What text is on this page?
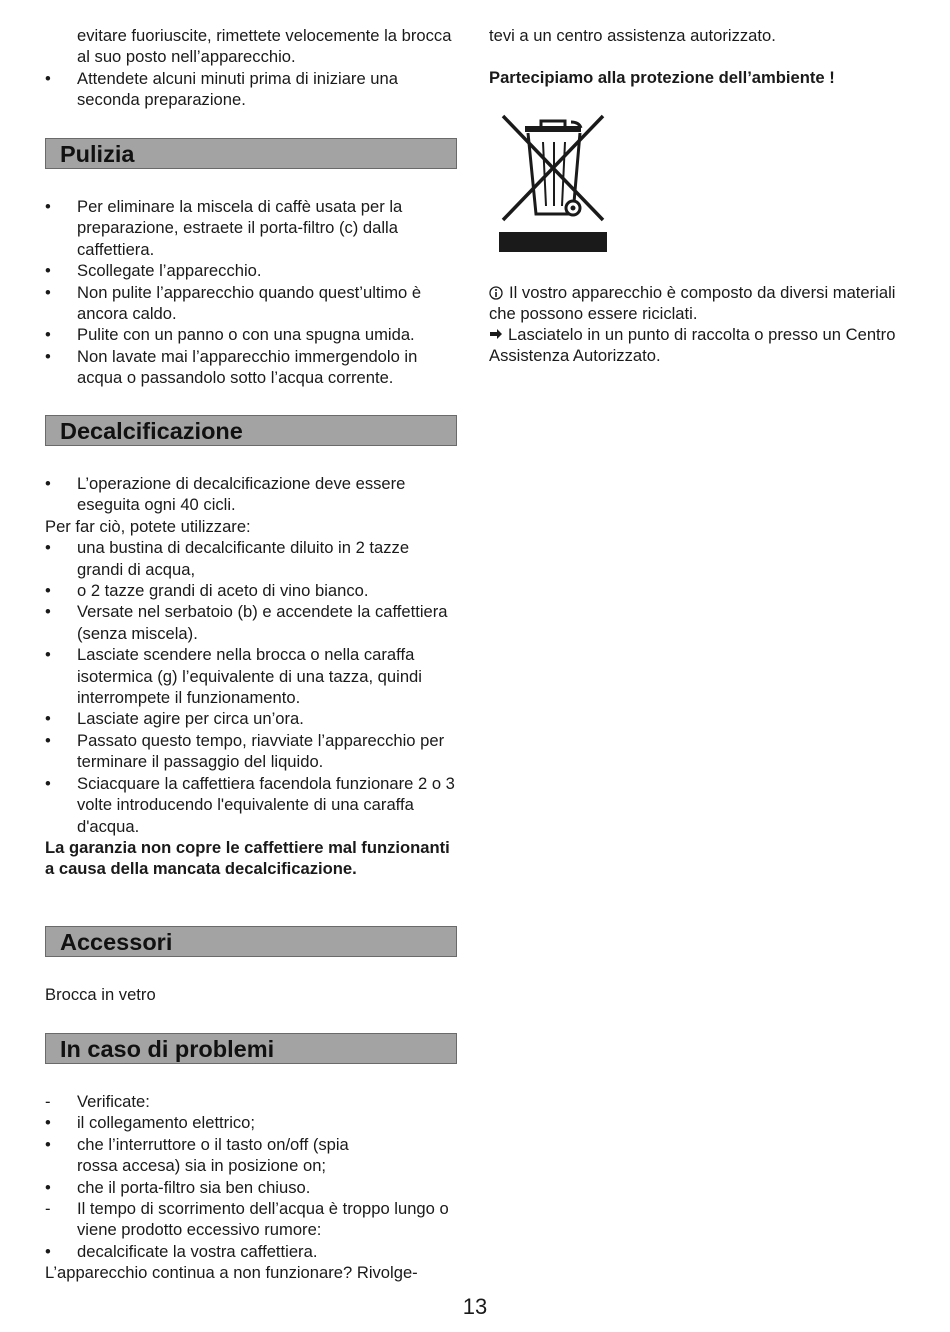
evitare fuoriuscite, rimettete velocemente la brocca al suo posto nell’apparecchio.
•	Attendete alcuni minuti prima di iniziare una seconda preparazione.
Pulizia
•	Per eliminare la miscela di caffè usata per la preparazione, estraete il porta-filtro (c) dalla caffettiera.
•	Scollegate l’apparecchio.
•	Non pulite l’apparecchio quando quest’ultimo è ancora caldo.
•	Pulite con un panno o con una spugna umida.
•	Non lavate mai l’apparecchio immergendolo in acqua o passandolo sotto l’acqua corrente.
Decalcificazione
•	L’operazione di decalcificazione deve essere eseguita ogni 40 cicli.
Per far ciò, potete utilizzare:
•	una bustina di decalcificante diluito in 2 tazze grandi di acqua,
•	o 2 tazze grandi di aceto di vino bianco.
•	Versate nel serbatoio (b) e accendete la caffettiera (senza miscela).
•	Lasciate scendere nella brocca o nella caraffa isotermica (g) l’equivalente di una tazza, quindi interrompete il funzionamento.
•	Lasciate agire per circa un’ora.
•	Passato questo tempo, riavviate l’apparecchio per terminare il passaggio del liquido.
•	Sciacquare la caffettiera facendola funzionare 2 o 3 volte introducendo l'equivalente di una caraffa d'acqua.
La garanzia non copre le caffettiere mal funzionanti a causa della mancata decalcificazione.
Accessori
Brocca in vetro
In caso di problemi
-	Verificate:
•	il collegamento elettrico;
•	che l’interruttore o il tasto on/off (spia rossa accesa) sia in posizione on;
•	che il porta-filtro sia ben chiuso.
-	Il tempo di scorrimento dell’acqua è troppo lungo o viene prodotto eccessivo rumore:
•	decalcificate la vostra caffettiera.
L’apparecchio continua a non funzionare? Rivolge-
tevi a un centro assistenza autorizzato.
Partecipiamo alla protezione dell’ambiente !
Il vostro apparecchio è composto da diversi materiali che possono essere riciclati.
Lasciatelo in un punto di raccolta o presso un Centro Assistenza Autorizzato.
13
